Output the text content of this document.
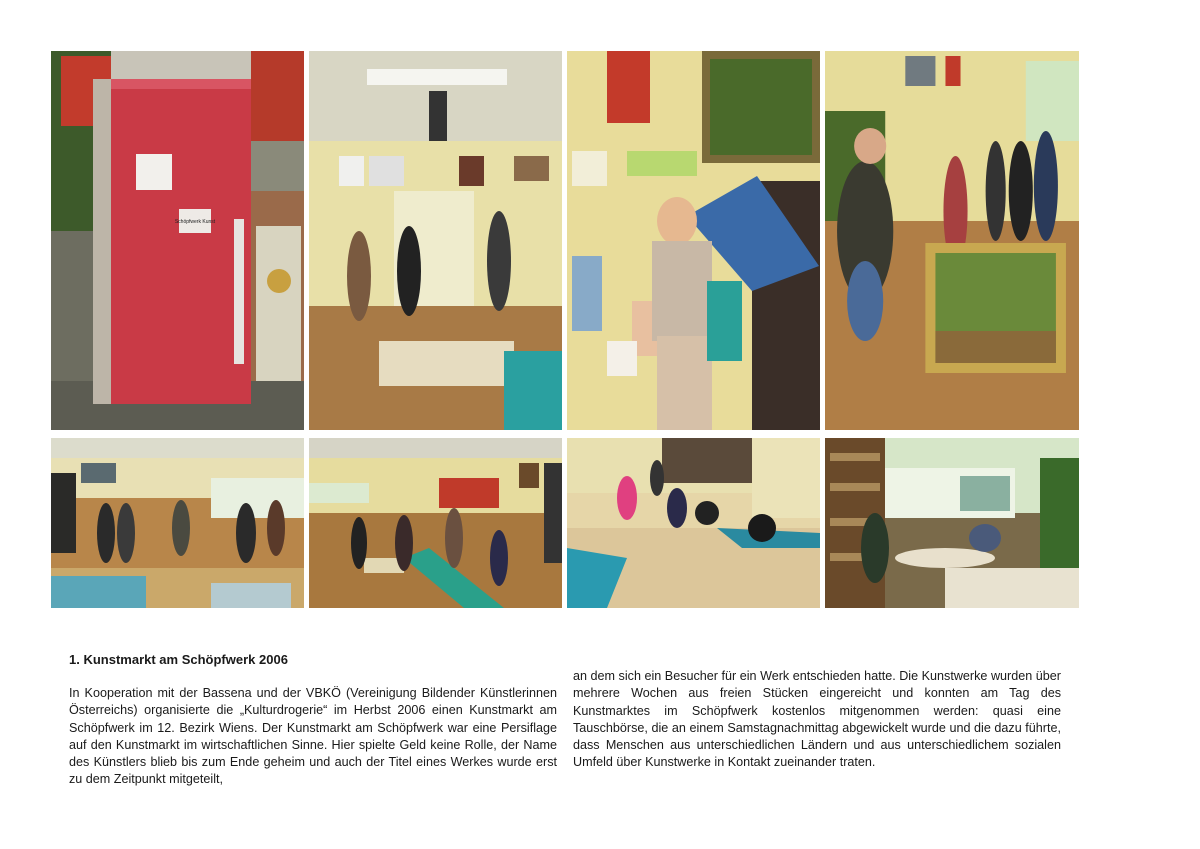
Schöpfwerk Kunst
1. Kunstmarkt am Schöpfwerk 2006

In Kooperation mit der Bassena und der VBKÖ (Vereinigung Bildender Künstlerinnen Österreichs) organisierte die „Kulturdrogerie“ im Herbst 2006 einen Kunstmarkt am Schöpfwerk im 12. Bezirk Wiens. Der Kunstmarkt am Schöpfwerk war eine Persiflage auf den Kunstmarkt im wirtschaftlichen Sinne. Hier spielte Geld keine Rolle, der Name des Künstlers blieb bis zum Ende geheim und auch der Titel eines Werkes wurde erst zu dem Zeitpunkt mitgeteilt,

an dem sich ein Besucher für ein Werk entschieden hatte. Die Kunstwerke wurden über mehrere Wochen aus freien Stücken eingereicht und konnten am Tag des Kunstmarktes im Schöpfwerk kostenlos mitgenommen werden: quasi eine Tauschbörse, die an einem Samstagnachmittag abgewickelt wurde und die dazu führte, dass Menschen aus unterschiedlichen Ländern und aus unterschiedlichem sozialen Umfeld über Kunstwerke in Kontakt zueinander traten.
